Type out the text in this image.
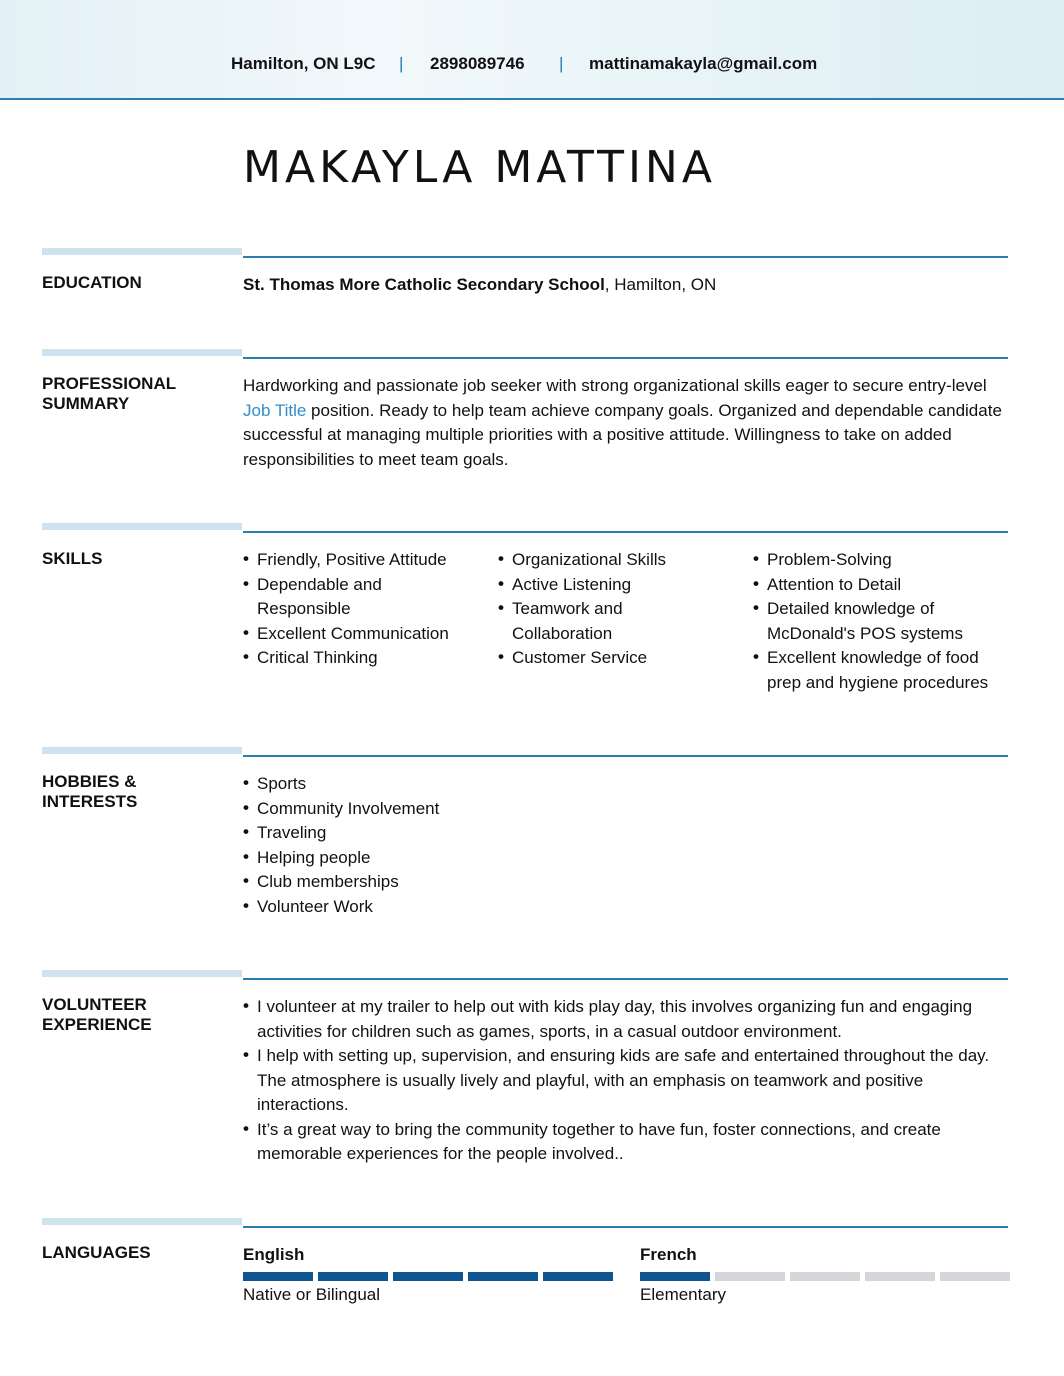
Hamilton, ON L9C | 2898089746 | mattinamakayla@gmail.com
MAKAYLA MATTINA
EDUCATION	St. Thomas More Catholic Secondary School, Hamilton, ON
PROFESSIONAL
SUMMARY
Hardworking and passionate job seeker with strong organizational skills eager to secure entry-level Job Title position. Ready to help team achieve company goals. Organized and dependable candidate successful at managing multiple priorities with a positive attitude. Willingness to take on added responsibilities to meet team goals.
SKILLS
•	Friendly, Positive Attitude
• Dependable and Responsible
• Excellent Communication
• Critical Thinking
• Organizational Skills
• Active Listening
• Teamwork and Collaboration
• Customer Service
• Problem-Solving
• Attention to Detail
• Detailed knowledge of McDonald's POS systems
• Excellent knowledge of food prep and hygiene procedures
HOBBIES &
INTERESTS
• Sports
• Community Involvement
• Traveling
• Helping people
• Club memberships
• Volunteer Work
VOLUNTEER
EXPERIENCE
• I volunteer at my trailer to help out with kids play day, this involves organizing fun and engaging activities for children such as games, sports, in a casual outdoor environment.
• I help with setting up, supervision, and ensuring kids are safe and entertained throughout the day. The atmosphere is usually lively and playful, with an emphasis on teamwork and positive interactions.
• It’s a great way to bring the community together to have fun, foster connections, and create memorable experiences for the people involved..
LANGUAGES	English
Native or Bilingual
French
Elementary
